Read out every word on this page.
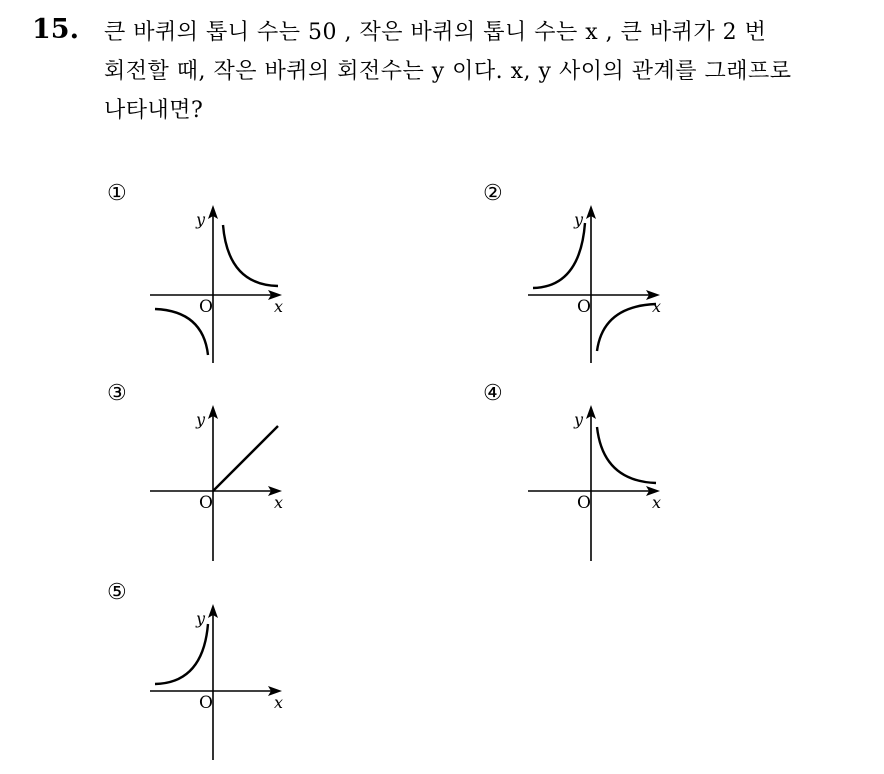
15. 큰 바퀴의 톱니 수는 50 , 작은 바퀴의 톱니 수는 x , 큰 바퀴가 2 번
회전할 때, 작은 바퀴의 회전수는 y 이다. x, y 사이의 관계를 그래프로
나타내면?
①
y
O	x
②
y
O	x
③
y
O	x
④
y
O	x
⑤
y
O	x
